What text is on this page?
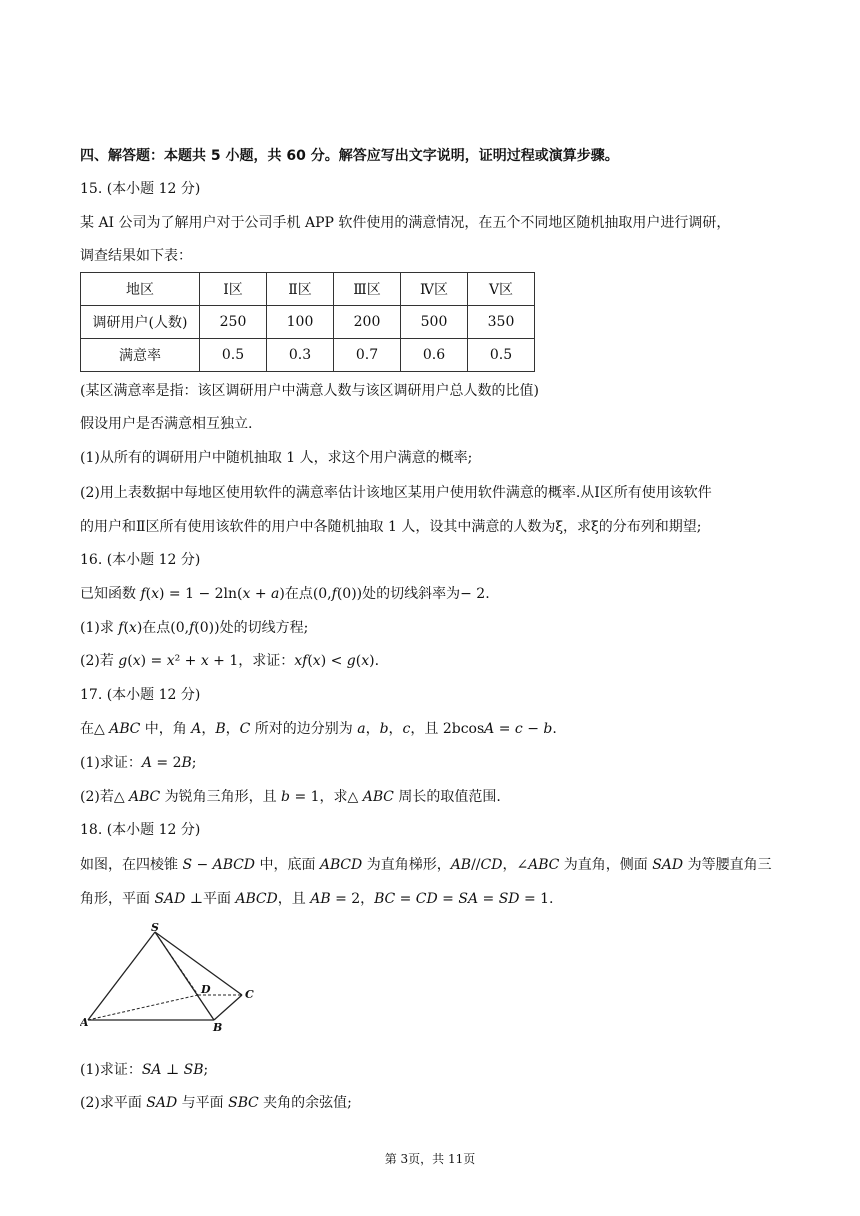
四、解答题：本题共 5 小题，共 60 分。解答应写出文字说明，证明过程或演算步骤。
15. (本小题 12 分)
某 AI 公司为了解用户对于公司手机 APP 软件使用的满意情况，在五个不同地区随机抽取用户进行调研，
调查结果如下表：
地区	Ⅰ区	Ⅱ区	Ⅲ区	Ⅳ区	Ⅴ区
调研用户(人数)	250	100	200	500	350
满意率	0.5	0.3	0.7	0.6	0.5
(某区满意率是指：该区调研用户中满意人数与该区调研用户总人数的比值)
假设用户是否满意相互独立.
(1)从所有的调研用户中随机抽取 1 人，求这个用户满意的概率;
(2)用上表数据中每地区使用软件的满意率估计该地区某用户使用软件满意的概率.从Ⅰ区所有使用该软件
的用户和Ⅱ区所有使用该软件的用户中各随机抽取 1 人，设其中满意的人数为ξ，求ξ的分布列和期望;
16. (本小题 12 分)
已知函数 𝑓(𝑥) = 1 − 2ln(𝑥 + 𝑎)在点(0,𝑓(0))处的切线斜率为− 2.
(1)求 𝑓(𝑥)在点(0,𝑓(0))处的切线方程;
(2)若 𝑔(𝑥) = 𝑥² + 𝑥 + 1，求证：𝑥𝑓(𝑥) < 𝑔(𝑥).
17. (本小题 12 分)
在△ 𝐴𝐵𝐶 中，角 𝐴，𝐵，𝐶 所对的边分别为 𝑎，𝑏，𝑐，且 2bcos𝐴 = 𝑐 − 𝑏.
(1)求证：𝐴 = 2𝐵;
(2)若△ 𝐴𝐵𝐶 为锐角三角形，且 𝑏 = 1，求△ 𝐴𝐵𝐶 周长的取值范围.
18. (本小题 12 分)
如图，在四棱锥 𝑆 − 𝐴𝐵𝐶𝐷 中，底面 𝐴𝐵𝐶𝐷 为直角梯形，𝐴𝐵//𝐶𝐷，∠𝐴𝐵𝐶 为直角，侧面 𝑆𝐴𝐷 为等腰直角三
角形，平面 𝑆𝐴𝐷 ⊥平面 𝐴𝐵𝐶𝐷，且 𝐴𝐵 = 2，𝐵𝐶 = 𝐶𝐷 = 𝑆𝐴 = 𝑆𝐷 = 1.
S
A	B
C
D
(1)求证：𝑆𝐴 ⊥ 𝑆𝐵;
(2)求平面 𝑆𝐴𝐷 与平面 𝑆𝐵𝐶 夹角的余弦值;
第 3页，共 11页
